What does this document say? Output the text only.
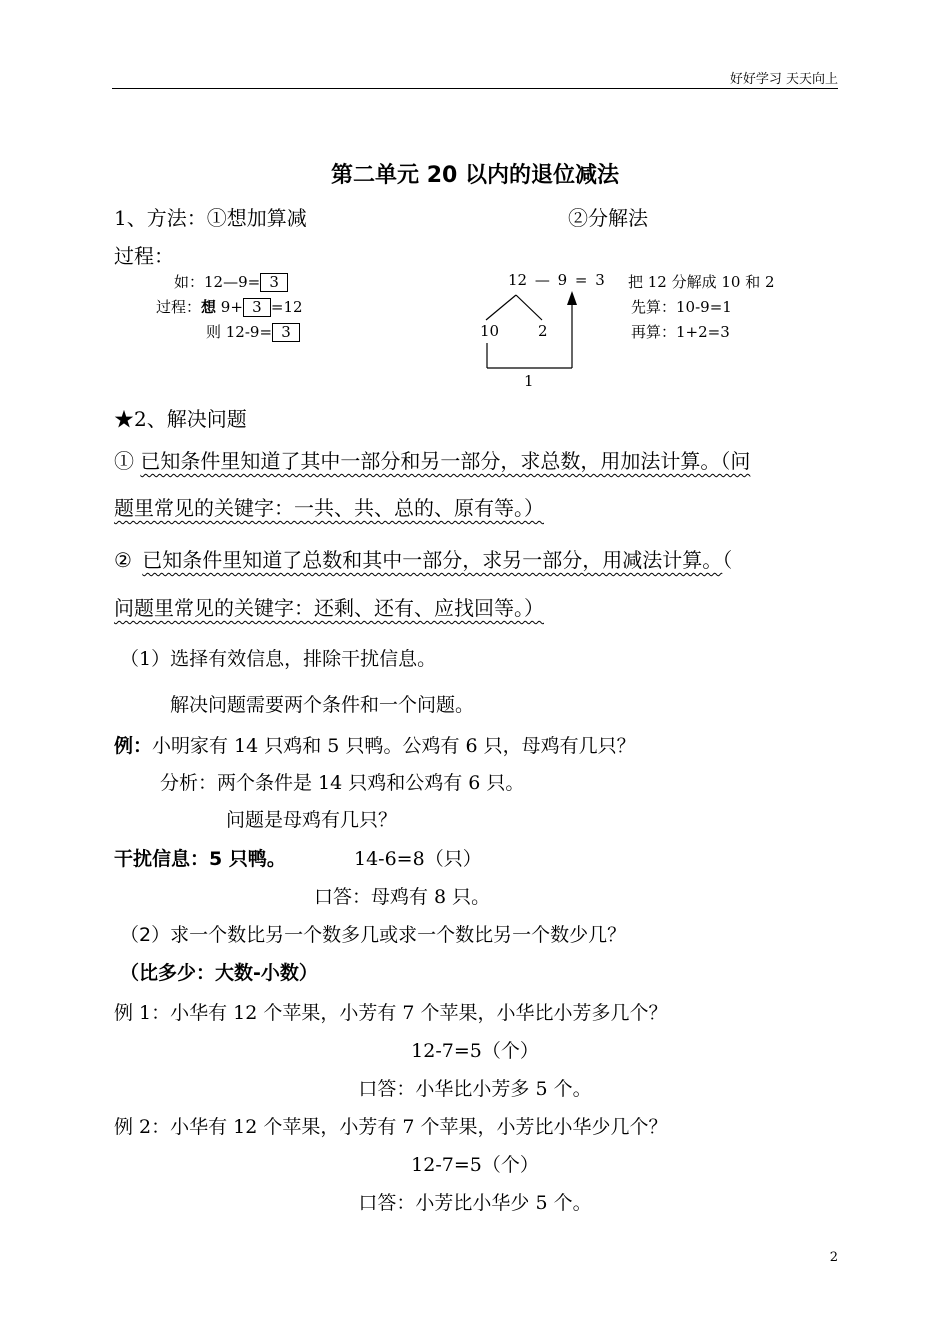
好好学习 天天向上
第二单元 20 以内的退位减法
1、方法：①想加算减	②分解法
过程：
如：12—9= 3
过程：想 9+ 3 =12
则 12-9= 3
12 — 9 = 3
10	2
1
把 12 分解成 10 和 2
先算：10-9=1
再算：1+2=3
★2、解决问题
① 已知条件里知道了其中一部分和另一部分，求总数，用加法计算。（问
题里常见的关键字：一共、共、总的、原有等。）
② 已知条件里知道了总数和其中一部分，求另一部分，用减法计算。（
问题里常见的关键字：还剩、还有、应找回等。）
（1）选择有效信息，排除干扰信息。
解决问题需要两个条件和一个问题。
例：小明家有 14 只鸡和 5 只鸭。公鸡有 6 只，母鸡有几只？
分析：两个条件是 14 只鸡和公鸡有 6 只。
问题是母鸡有几只？
干扰信息：5 只鸭。	14-6=8（只）
口答：母鸡有 8 只。
（2）求一个数比另一个数多几或求一个数比另一个数少几？
（比多少：大数-小数）
例 1：小华有 12 个苹果，小芳有 7 个苹果，小华比小芳多几个？
12-7=5（个）
口答：小华比小芳多 5 个。
例 2：小华有 12 个苹果，小芳有 7 个苹果，小芳比小华少几个？
12-7=5（个）
口答：小芳比小华少 5 个。
2
